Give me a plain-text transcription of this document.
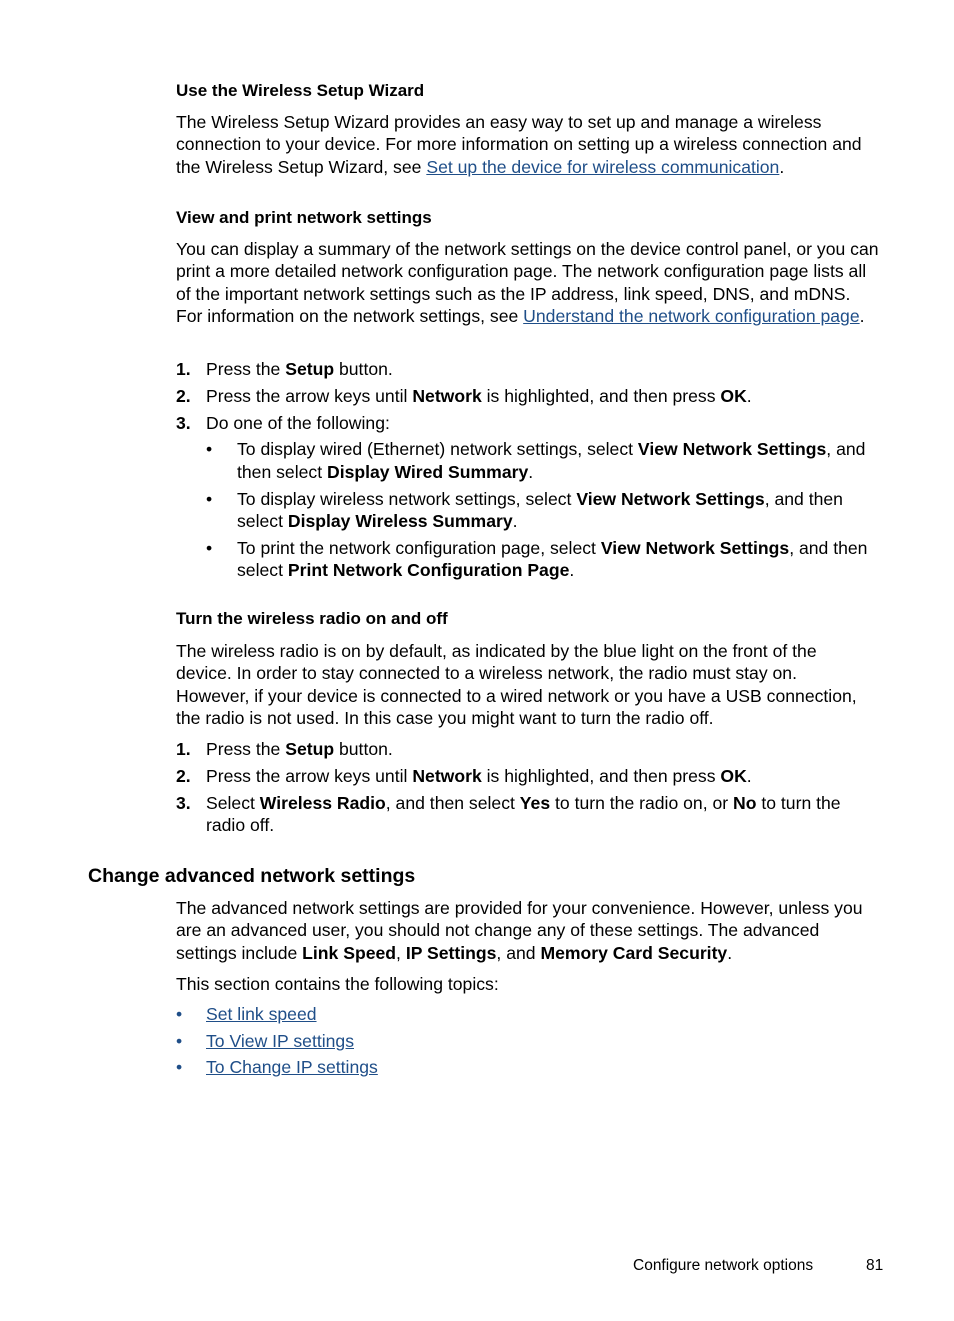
Use the Wireless Setup Wizard

The Wireless Setup Wizard provides an easy way to set up and manage a wireless connection to your device. For more information on setting up a wireless connection and the Wireless Setup Wizard, see Set up the device for wireless communication.

View and print network settings

You can display a summary of the network settings on the device control panel, or you can print a more detailed network configuration page. The network configuration page lists all of the important network settings such as the IP address, link speed, DNS, and mDNS. For information on the network settings, see Understand the network configuration page.

1. Press the Setup button.
2. Press the arrow keys until Network is highlighted, and then press OK.
3. Do one of the following:
• To display wired (Ethernet) network settings, select View Network Settings, and then select Display Wired Summary.
• To display wireless network settings, select View Network Settings, and then select Display Wireless Summary.
• To print the network configuration page, select View Network Settings, and then select Print Network Configuration Page.
Turn the wireless radio on and off

The wireless radio is on by default, as indicated by the blue light on the front of the device. In order to stay connected to a wireless network, the radio must stay on. However, if your device is connected to a wired network or you have a USB connection, the radio is not used. In this case you might want to turn the radio off.

1. Press the Setup button.
2. Press the arrow keys until Network is highlighted, and then press OK.
3. Select Wireless Radio, and then select Yes to turn the radio on, or No to turn the radio off.
Change advanced network settings

The advanced network settings are provided for your convenience. However, unless you are an advanced user, you should not change any of these settings. The advanced settings include Link Speed, IP Settings, and Memory Card Security.

This section contains the following topics:

• Set link speed
• To View IP settings
• To Change IP settings
Configure network options	81
